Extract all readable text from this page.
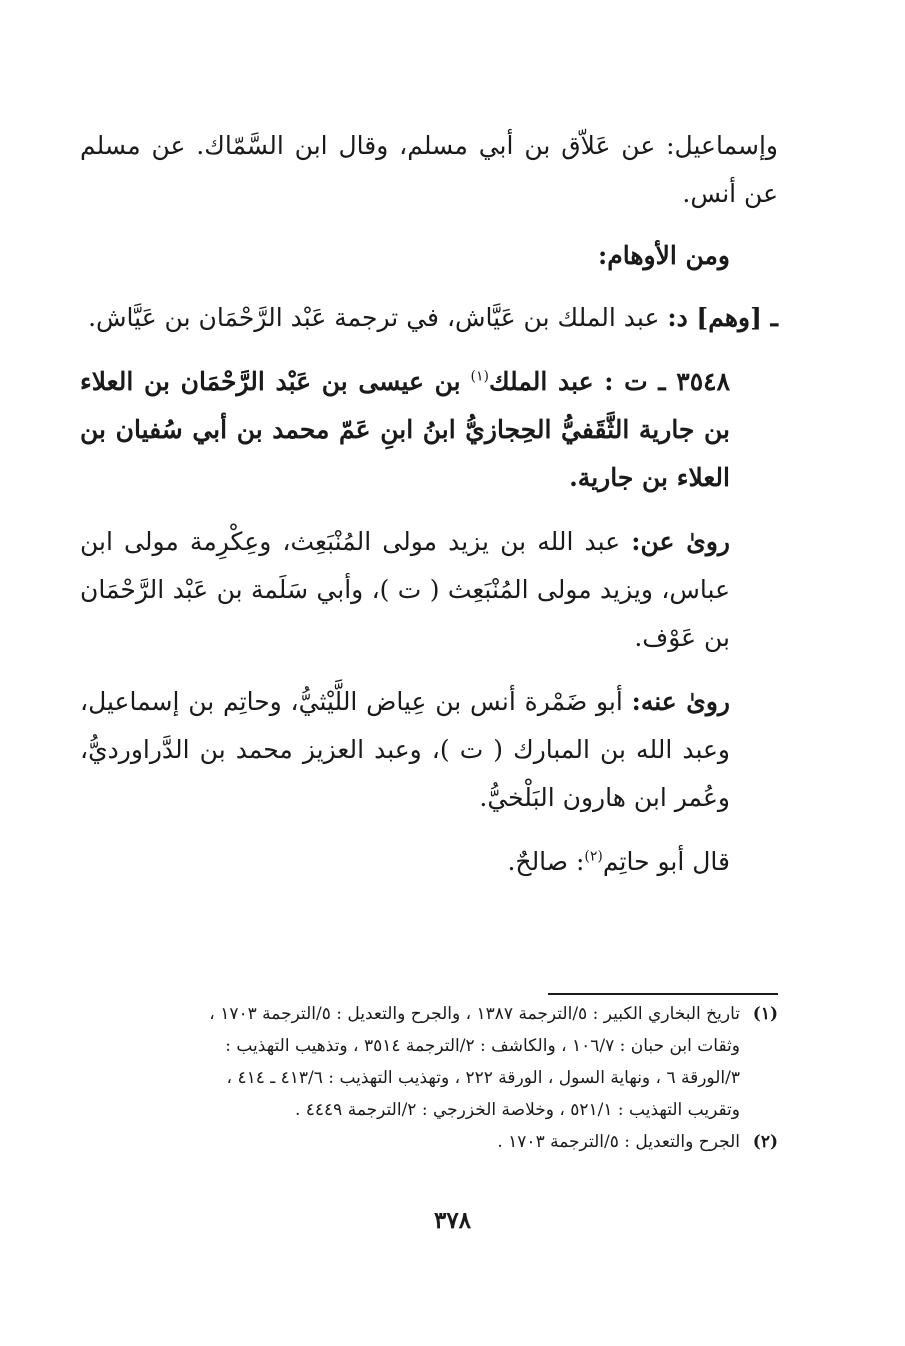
وإسماعيل: عن عَلاّق بن أبي مسلم، وقال ابن السَّمّاك. عن مسلم عن أنس.

ومن الأوهام:

ـ [وهم] د: عبد الملك بن عَيَّاش، في ترجمة عَبْد الرَّحْمَان بن عَيَّاش.

٣٥٤٨ ـ ت : عبد الملك$^{(١)}$ بن عيسى بن عَبْد الرَّحْمَان بن العلاء بن جارية الثَّقَفيُّ الحِجازيُّ ابنُ ابنِ عَمّ محمد بن أبي سُفيان بن العلاء بن جارية.

رویٰ عن: عبد الله بن يزيد مولى المُنْبَعِث، وعِكْرِمة مولى ابن عباس، ويزيد مولى المُنْبَعِث ( ت )، وأبي سَلَمة بن عَبْد الرَّحْمَان بن عَوْف.

رویٰ عنه: أبو ضَمْرة أنس بن عِياض اللَّيْثيُّ، وحاتِم بن إسماعيل، وعبد الله بن المبارك ( ت )، وعبد العزيز محمد بن الدَّراورديُّ، وعُمر ابن هارون البَلْخيُّ.

قال أبو حاتِم$^{(٢)}$: صالحٌ.

(١)تاريخ البخاري الكبير : ٥/الترجمة ١٣٨٧ ، والجرح والتعديل : ٥/الترجمة ١٧٠٣ ،

وثقات ابن حبان : ١٠٦/٧ ، والكاشف : ٢/الترجمة ٣٥١٤ ، وتذهيب التهذيب :

٣/الورقة ٦ ، ونهاية السول ، الورقة ٢٢٢ ، وتهذيب التهذيب : ٤١٣/٦ ـ ٤١٤ ،

وتقريب التهذيب : ٥٢١/١ ، وخلاصة الخزرجي : ٢/الترجمة ٤٤٤٩ .

(٢)الجرح والتعديل : ٥/الترجمة ١٧٠٣ .

٣٧٨
